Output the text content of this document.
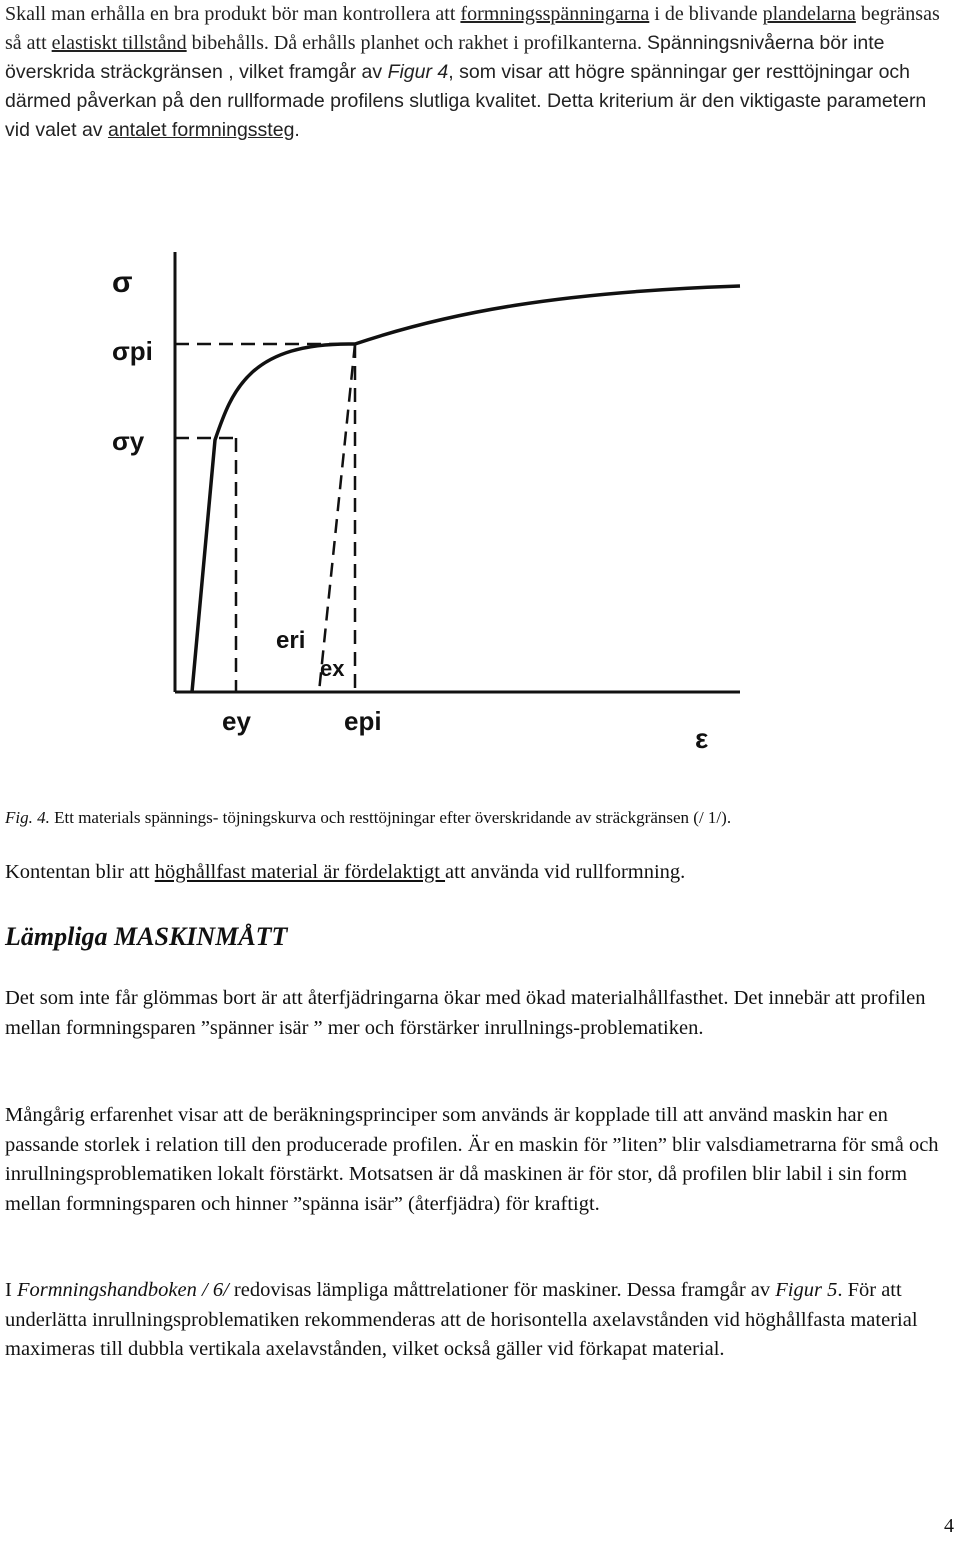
Skall man erhålla en bra produkt bör man kontrollera att formningsspänningarna i de blivande plandelarna begränsas så att elastiskt tillstånd bibehålls. Då erhålls planhet och rakhet i profilkanterna. Spänningsnivåerna bör inte överskrida sträckgränsen , vilket framgår av Figur 4, som visar att högre spänningar ger resttöjningar och därmed påverkan på den rullformade profilens slutliga kvalitet. Detta kriterium är den viktigaste parametern vid valet av antalet formningssteg.

σ
σpi
σy
eri
ex
ey	epi
ε

Fig. 4. Ett materials spännings- töjningskurva och resttöjningar efter överskridande av sträckgränsen (/ 1/).

Kontentan blir att höghållfast material är fördelaktigt att använda vid rullformning.

Lämpliga MASKINMÅTT

Det som inte får glömmas bort är att återfjädringarna ökar med ökad materialhållfasthet. Det innebär att profilen mellan formningsparen ”spänner isär ” mer och förstärker inrullnings-problematiken.

Mångårig erfarenhet visar att de beräkningsprinciper som används är kopplade till att använd maskin har en passande storlek i relation till den producerade profilen. Är en maskin för ”liten” blir valsdiametrarna för små och inrullningsproblematiken lokalt förstärkt. Motsatsen är då maskinen är för stor, då profilen blir labil i sin form mellan formningsparen och hinner ”spänna isär” (återfjädra) för kraftigt.

I Formningshandboken / 6/ redovisas lämpliga måttrelationer för maskiner. Dessa framgår av Figur 5. För att underlätta inrullningsproblematiken rekommenderas att de horisontella axelavstånden vid höghållfasta material maximeras till dubbla vertikala axelavstånden, vilket också gäller vid förkapat material.

4
